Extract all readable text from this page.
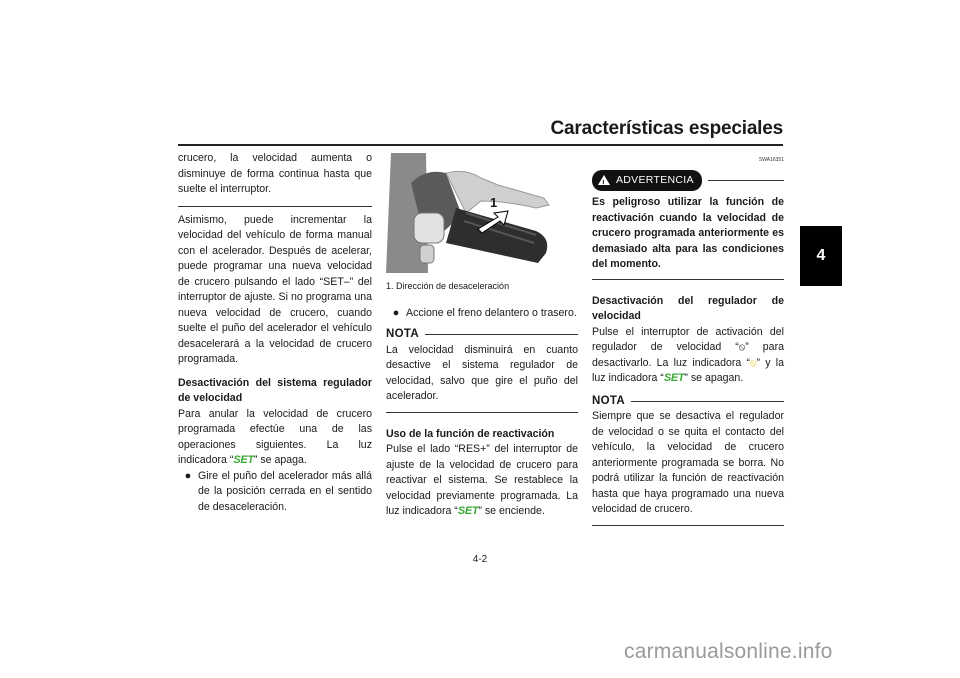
Características especiales
4

crucero, la velocidad aumenta o disminuye de forma continua hasta que suelte el interruptor.

Asimismo, puede incrementar la velocidad del vehículo de forma manual con el acelerador. Después de acelerar, puede programar una nueva velocidad de crucero pulsando el lado “SET–” del interruptor de ajuste. Si no programa una nueva velocidad de crucero, cuando suelte el puño del acelerador el vehículo desacelerará a la velocidad de crucero programada.

Desactivación del sistema regulador de velocidad

Para anular la velocidad de crucero programada efectúe una de las operaciones siguientes. La luz indicadora “SET” se apaga.

● Gire el puño del acelerador más allá de la posición cerrada en el sentido de desaceleración.
1

1. Dirección de desaceleración

● Accione el freno delantero o trasero.
NOTA

La velocidad disminuirá en cuanto desactive el sistema regulador de velocidad, salvo que gire el puño del acelerador.

Uso de la función de reactivación

Pulse el lado “RES+” del interruptor de ajuste de la velocidad de crucero para reactivar el sistema. Se restablece la velocidad previamente programada. La luz indicadora “SET” se enciende.

SWA16351
! ADVERTENCIA

Es peligroso utilizar la función de reactivación cuando la velocidad de crucero programada anteriormente es demasiado alta para las condiciones del momento.

Desactivación del regulador de velocidad

Pulse el interruptor de activación del regulador de velocidad “⦸” para desactivarlo. La luz indicadora “⦸” y la luz indicadora “SET” se apagan.

NOTA

Siempre que se desactiva el regulador de velocidad o se quita el contacto del vehículo, la velocidad de crucero anteriormente programada se borra. No podrá utilizar la función de reactivación hasta que haya programado una nueva velocidad de crucero.

4-2
carmanualsonline.info
